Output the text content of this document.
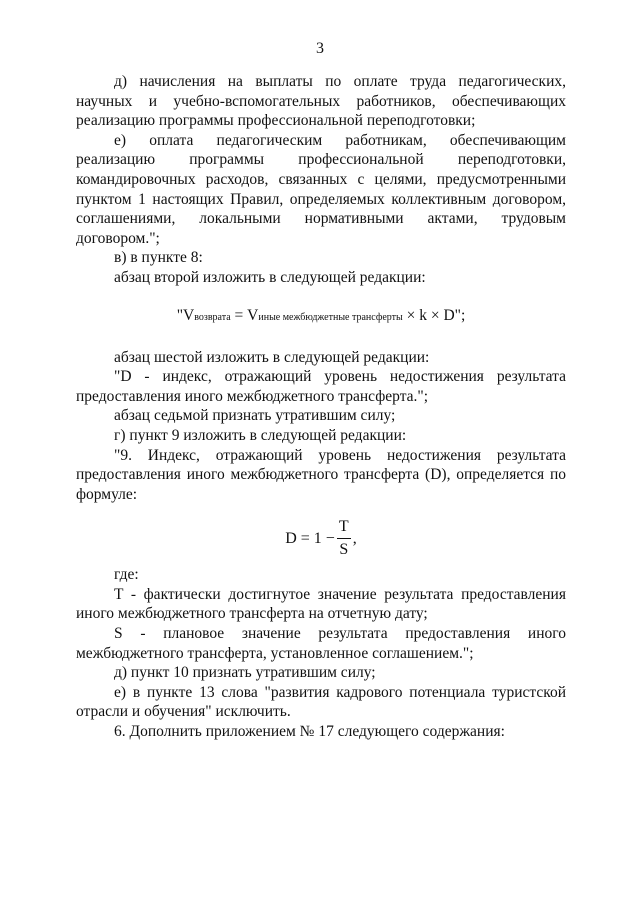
3

д) начисления на выплаты по оплате труда педагогических, научных и учебно-вспомогательных работников, обеспечивающих реализацию программы профессиональной переподготовки;

е) оплата педагогическим работникам, обеспечивающим реализацию программы профессиональной переподготовки, командировочных расходов, связанных с целями, предусмотренными пунктом 1 настоящих Правил, определяемых коллективным договором, соглашениями, локальными нормативными актами, трудовым договором.";

в) в пункте 8:

абзац второй изложить в следующей редакции:

"Vвозврата = Vиные межбюджетные трансферты × k × D";

абзац шестой изложить в следующей редакции:

"D - индекс, отражающий уровень недостижения результата предоставления иного межбюджетного трансферта.";

абзац седьмой признать утратившим силу;

г) пункт 9 изложить в следующей редакции:

"9. Индекс, отражающий уровень недостижения результата предоставления иного межбюджетного трансферта (D), определяется по формуле:

$D = 1 - \frac{T}{S}$ ,

где:

T - фактически достигнутое значение результата предоставления иного межбюджетного трансферта на отчетную дату;

S - плановое значение результата предоставления иного межбюджетного трансферта, установленное соглашением.";

д) пункт 10 признать утратившим силу;

е) в пункте 13 слова "развития кадрового потенциала туристской отрасли и обучения" исключить.

6. Дополнить приложением № 17 следующего содержания:
